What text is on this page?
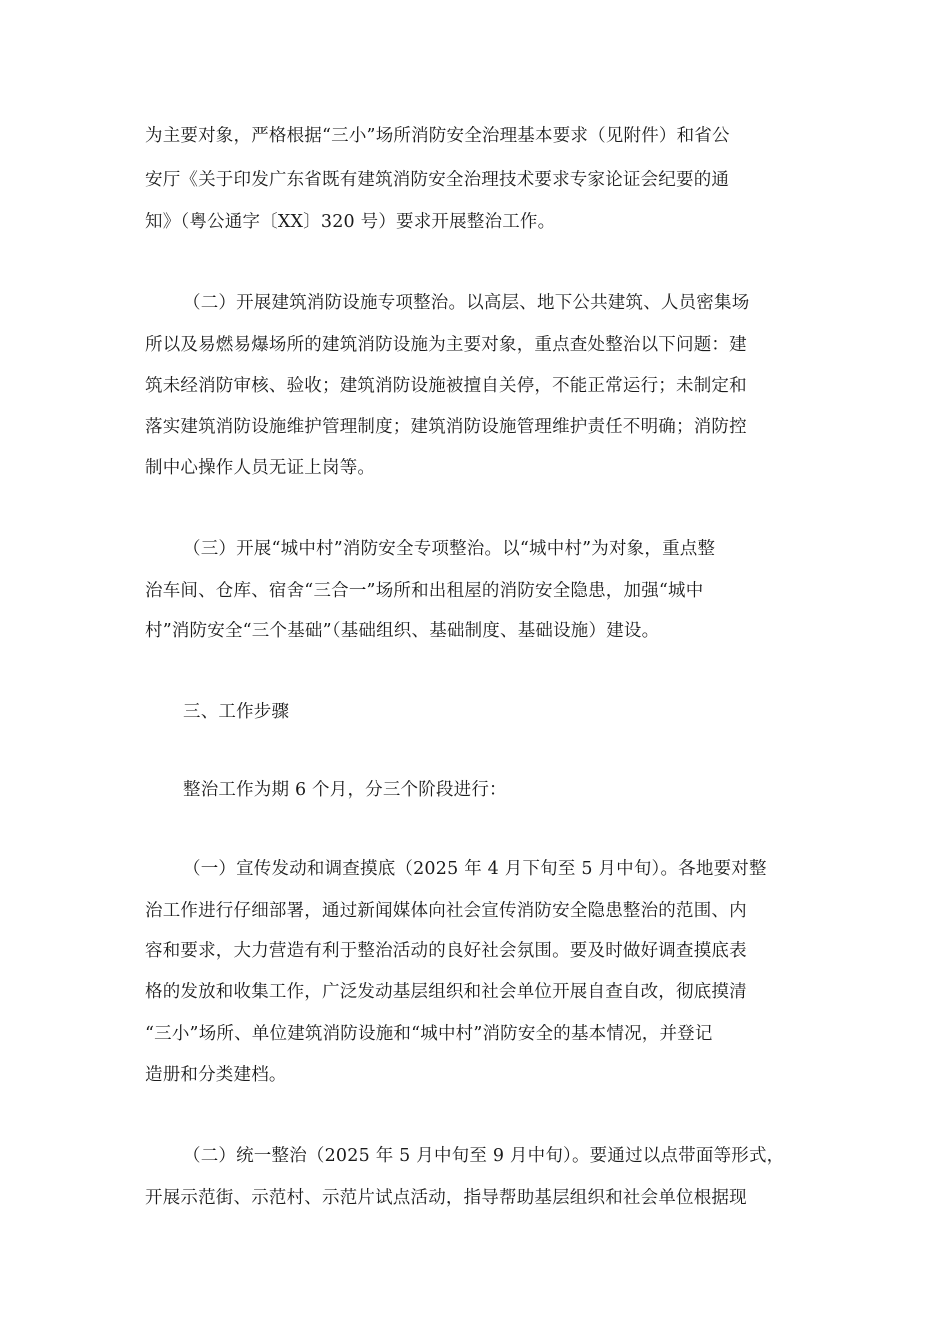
为主要对象，严格根据“三小”场所消防安全治理基本要求（见附件）和省公
安厅《关于印发广东省既有建筑消防安全治理技术要求专家论证会纪要的通
知》（粤公通字〔XX〕320 号）要求开展整治工作。
（二）开展建筑消防设施专项整治。以高层、地下公共建筑、人员密集场
所以及易燃易爆场所的建筑消防设施为主要对象，重点查处整治以下问题：建
筑未经消防审核、验收；建筑消防设施被擅自关停，不能正常运行；未制定和
落实建筑消防设施维护管理制度；建筑消防设施管理维护责任不明确；消防控
制中心操作人员无证上岗等。
（三）开展“城中村”消防安全专项整治。以“城中村”为对象，重点整
治车间、仓库、宿舍“三合一”场所和出租屋的消防安全隐患，加强“城中
村”消防安全“三个基础”（基础组织、基础制度、基础设施）建设。
三、工作步骤
整治工作为期 6 个月，分三个阶段进行：
（一）宣传发动和调查摸底（2025 年 4 月下旬至 5 月中旬）。各地要对整
治工作进行仔细部署，通过新闻媒体向社会宣传消防安全隐患整治的范围、内
容和要求，大力营造有利于整治活动的良好社会氛围。要及时做好调查摸底表
格的发放和收集工作，广泛发动基层组织和社会单位开展自查自改，彻底摸清
“三小”场所、单位建筑消防设施和“城中村”消防安全的基本情况，并登记
造册和分类建档。
（二）统一整治（2025 年 5 月中旬至 9 月中旬）。要通过以点带面等形式，
开展示范街、示范村、示范片试点活动，指导帮助基层组织和社会单位根据现
